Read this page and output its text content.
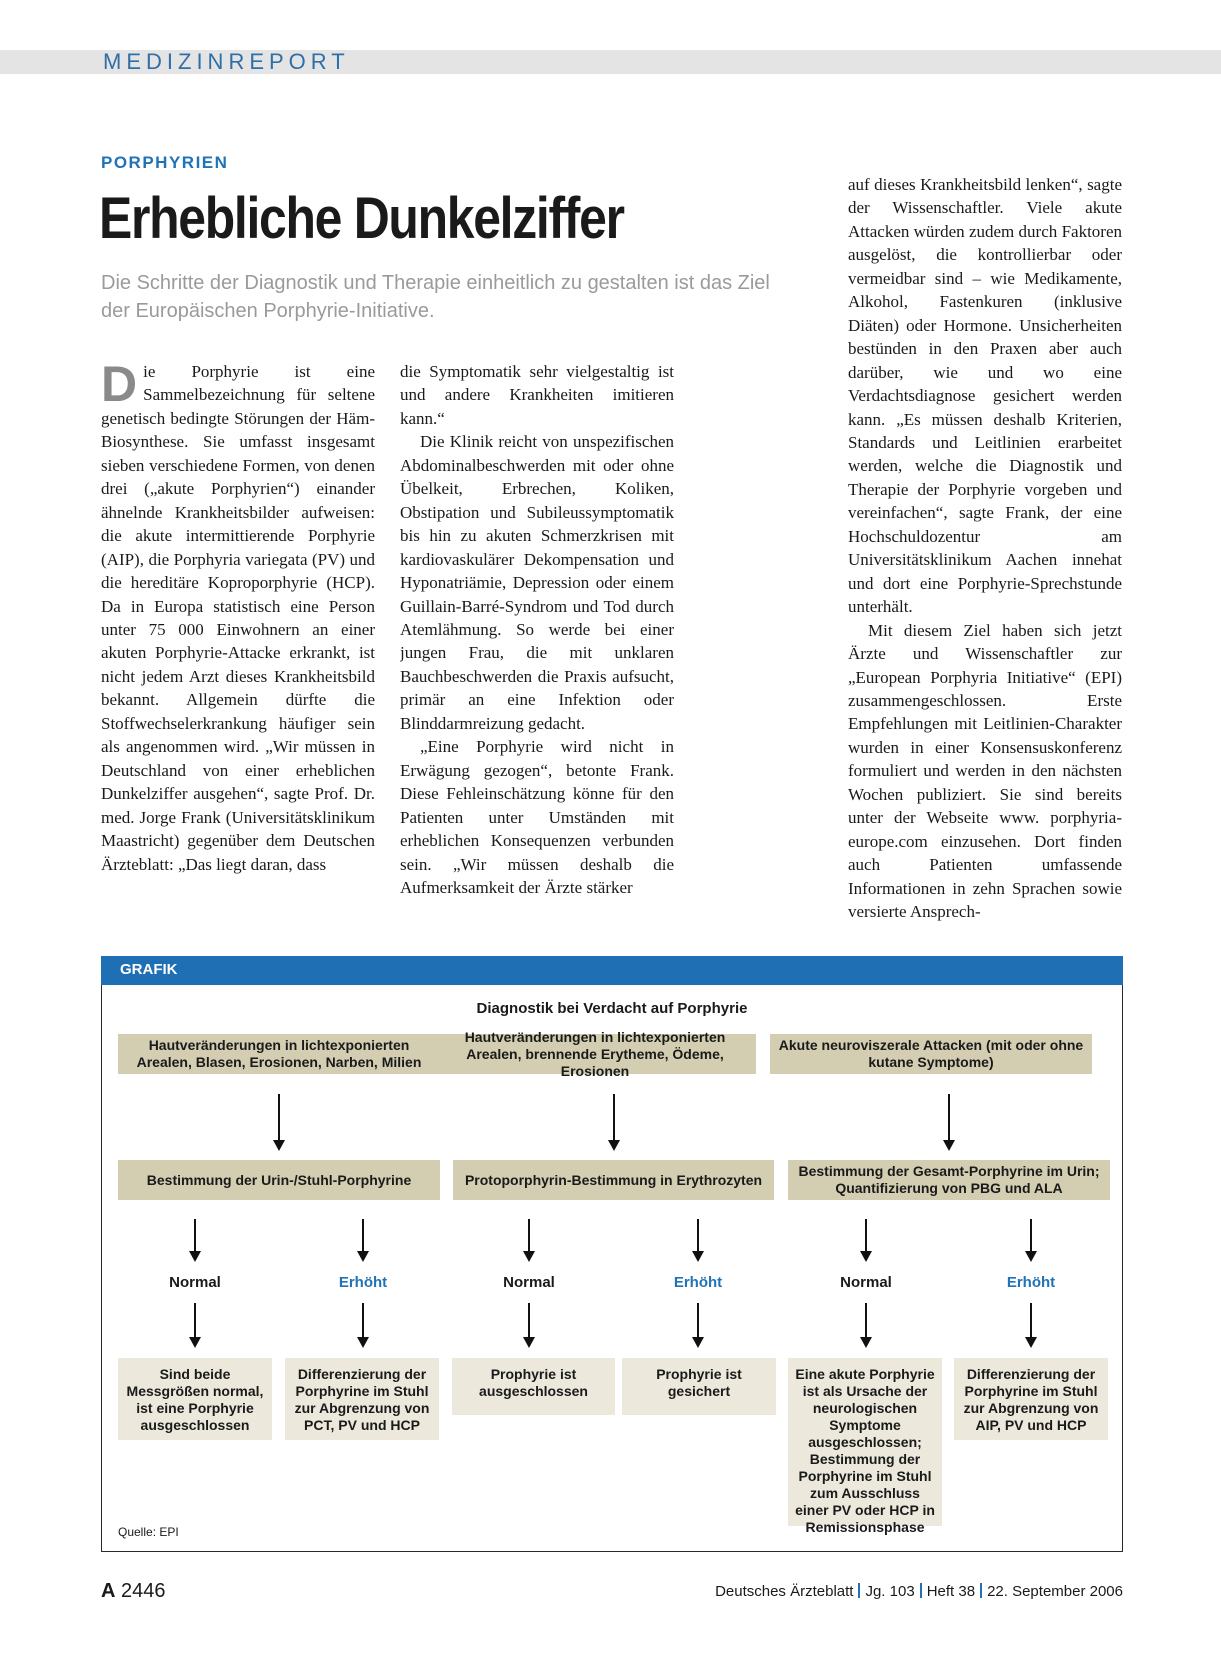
MEDIZINREPORT
PORPHYRIEN
Erhebliche Dunkelziffer
Die Schritte der Diagnostik und Therapie einheitlich zu gestalten ist das Ziel der Europäischen Porphyrie-Initiative.

Die Porphyrie ist eine Sammelbezeichnung für seltene genetisch bedingte Störungen der Häm-Biosynthese. Sie umfasst insgesamt sieben verschiedene Formen, von denen drei („akute Porphyrien“) einander ähnelnde Krankheitsbilder aufweisen: die akute intermittierende Porphyrie (AIP), die Porphyria variegata (PV) und die hereditäre Koproporphyrie (HCP). Da in Europa statistisch eine Person unter 75 000 Einwohnern an einer akuten Porphyrie-Attacke erkrankt, ist nicht jedem Arzt dieses Krankheitsbild bekannt. Allgemein dürfte die Stoffwechselerkrankung häufiger sein als angenommen wird. „Wir müssen in Deutschland von einer erheblichen Dunkelziffer ausgehen“, sagte Prof. Dr. med. Jorge Frank (Universitätsklinikum Maastricht) gegenüber dem Deutschen Ärzteblatt: „Das liegt daran, dass

die Symptomatik sehr vielgestaltig ist und andere Krankheiten imitieren kann.“

Die Klinik reicht von unspezifischen Abdominalbeschwerden mit oder ohne Übelkeit, Erbrechen, Koliken, Obstipation und Subileussymptomatik bis hin zu akuten Schmerzkrisen mit kardiovaskulärer Dekompensation und Hyponatriämie, Depression oder einem Guillain-Barré-Syndrom und Tod durch Atemlähmung. So werde bei einer jungen Frau, die mit unklaren Bauchbeschwerden die Praxis aufsucht, primär an eine Infektion oder Blinddarmreizung gedacht.

„Eine Porphyrie wird nicht in Erwägung gezogen“, betonte Frank. Diese Fehleinschätzung könne für den Patienten unter Umständen mit erheblichen Konsequenzen verbunden sein. „Wir müssen deshalb die Aufmerksamkeit der Ärzte stärker

auf dieses Krankheitsbild lenken“, sagte der Wissenschaftler. Viele akute Attacken würden zudem durch Faktoren ausgelöst, die kontrollierbar oder vermeidbar sind – wie Medikamente, Alkohol, Fastenkuren (inklusive Diäten) oder Hormone. Unsicherheiten bestünden in den Praxen aber auch darüber, wie und wo eine Verdachtsdiagnose gesichert werden kann. „Es müssen deshalb Kriterien, Standards und Leitlinien erarbeitet werden, welche die Diagnostik und Therapie der Porphyrie vorgeben und vereinfachen“, sagte Frank, der eine Hochschuldozentur am Universitätsklinikum Aachen innehat und dort eine Porphyrie-Sprechstunde unterhält.

Mit diesem Ziel haben sich jetzt Ärzte und Wissenschaftler zur „European Porphyria Initiative“ (EPI) zusammengeschlossen. Erste Empfehlungen mit Leitlinien-Charakter wurden in einer Konsensuskonferenz formuliert und werden in den nächsten Wochen publiziert. Sie sind bereits unter der Webseite www. porphyria-europe.com einzusehen. Dort finden auch Patienten umfassende Informationen in zehn Sprachen sowie versierte Ansprech-

GRAFIK
Diagnostik bei Verdacht auf Porphyrie
Hautveränderungen in lichtexponierten Arealen, Blasen, Erosionen, Narben, Milien
Hautveränderungen in lichtexponierten Arealen, brennende Erytheme, Ödeme, Erosionen
Akute neuroviszerale Attacken (mit oder ohne kutane Symptome)
Bestimmung der Urin-/Stuhl-Porphyrine	Protoporphyrin-Bestimmung in Erythrozyten
Bestimmung der Gesamt-Porphyrine im Urin; Quantifizierung von PBG und ALA
Normal	Erhöht	Normal	Erhöht	Normal	Erhöht
Sind beide Messgrößen normal, ist eine Porphyrie ausgeschlossen
Differenzierung der Porphyrine im Stuhl zur Abgrenzung von PCT, PV und HCP
Prophyrie ist ausgeschlossen
Prophyrie ist gesichert
Eine akute Porphyrie ist als Ursache der neurologischen Symptome ausgeschlossen; Bestimmung der Porphyrine im Stuhl zum Ausschluss einer PV oder HCP in Remissionsphase
Differenzierung der Porphyrine im Stuhl zur Abgrenzung von AIP, PV und HCP
Quelle: EPI
A 2446	Deutsches Ärzteblatt Jg. 103 Heft 38 22. September 2006
